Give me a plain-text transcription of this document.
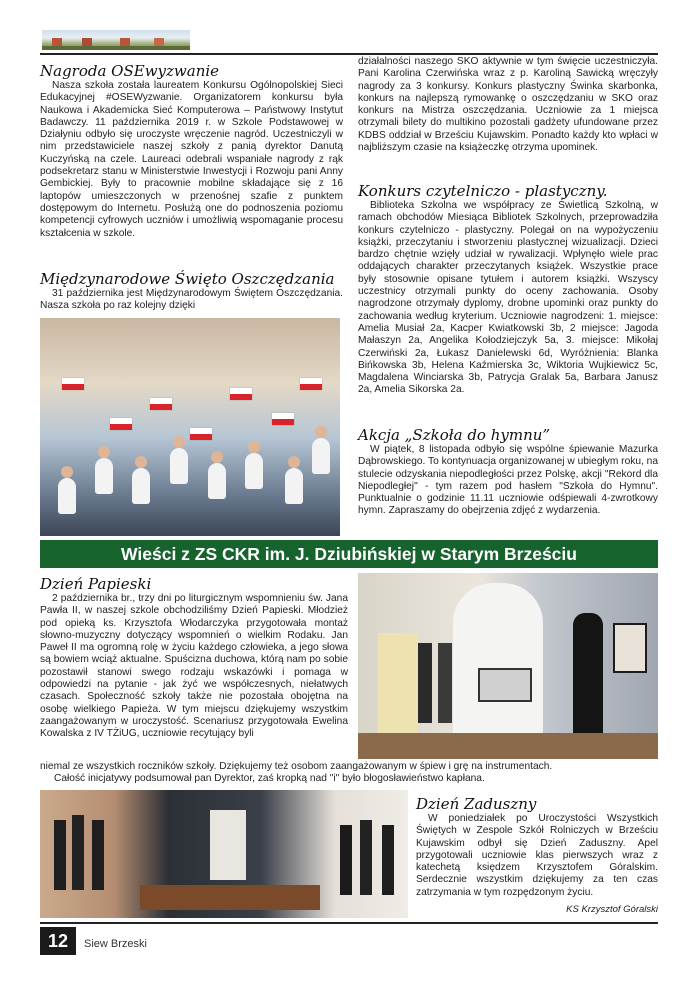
Nagroda OSEwyzwanie

Nasza szkoła została laureatem Konkursu Ogólnopolskiej Sieci Edukacyjnej #OSEWyzwanie. Organizatorem konkursu była Naukowa i Akademicka Sieć Komputerowa – Państwowy Instytut Badawczy. 11 października 2019 r. w Szkole Podstawowej w Działyniu odbyło się uroczyste wręczenie nagród. Uczestniczyli w nim przedstawiciele naszej szkoły z panią dyrektor Danutą Kuczyńską na czele. Laureaci odebrali wspaniałe nagrody z rąk podsekretarz stanu w Ministerstwie Inwestycji i Rozwoju pani Anny Gembickiej. Były to pracownie mobilne składające się z 16 laptopów umieszczonych w przenośnej szafie z punktem dostępowym do Internetu. Posłużą one do podnoszenia poziomu kompetencji cyfrowych uczniów i umożliwią wspomaganie procesu kształcenia w szkole.

Międzynarodowe Święto Oszczędzania

31 października jest Międzynarodowym Świętem Oszczędzania. Nasza szkoła po raz kolejny dzięki

działalności naszego SKO aktywnie w tym święcie uczestniczyła. Pani Karolina Czerwińska wraz z p. Karoliną Sawicką wręczyły nagrody za 3 konkursy. Konkurs plastyczny Świnka skarbonka, konkurs na najlepszą rymowankę o oszczędzaniu w SKO oraz konkurs na Mistrza oszczędzania. Uczniowie za 1 miejsca otrzymali bilety do multikino pozostali gadżety ufundowane przez KDBS oddział w Brześciu Kujawskim. Ponadto każdy kto wpłaci w najbliższym czasie na książeczkę otrzyma upominek.

Konkurs czytelniczo - plastyczny.

Biblioteka Szkolna we współpracy ze Świetlicą Szkolną, w ramach obchodów Miesiąca Bibliotek Szkolnych, przeprowadziła konkurs czytelniczo - plastyczny. Polegał on na wypożyczeniu książki, przeczytaniu i stworzeniu plastycznej wizualizacji. Dzieci bardzo chętnie wzięły udział w rywalizacji. Wpłynęło wiele prac oddających charakter przeczytanych książek. Wszystkie prace były stosownie opisane tytułem i autorem książki. Wszyscy uczestnicy otrzymali punkty do oceny zachowania. Osoby nagrodzone otrzymały dyplomy, drobne upominki oraz punkty do zachowania według kryterium. Uczniowie nagrodzeni: 1. miejsce: Amelia Musiał 2a, Kacper Kwiatkowski 3b, 2 miejsce: Jagoda Małaszyn 2a, Angelika Kołodziejczyk 5a, 3. miejsce: Mikołaj Czerwiński 2a, Łukasz Danielewski 6d, Wyróżnienia: Blanka Bińkowska 3b, Helena Kaźmierska 3c, Wiktoria Wujkiewicz 5c, Magdalena Winciarska 3b, Patrycja Gralak 5a, Barbara Janusz 2a, Amelia Sikorska 2a.

Akcja „Szkoła do hymnu”

W piątek, 8 listopada odbyło się wspólne śpiewanie Mazurka Dąbrowskiego. To kontynuacja organizowanej w ubiegłym roku, na stulecie odzyskania niepodległości przez Polskę, akcji "Rekord dla Niepodległej" - tym razem pod hasłem "Szkoła do Hymnu". Punktualnie o godzinie 11.11 uczniowie odśpiewali 4-zwrotkowy hymn. Zapraszamy do obejrzenia zdjęć z wydarzenia.

Wieści z ZS CKR im. J. Dziubińskiej w Starym Brześciu
Dzień Papieski

2 października br., trzy dni po liturgicznym wspomnieniu św. Jana Pawła II, w naszej szkole obchodziliśmy Dzień Papieski. Młodzież pod opieką ks. Krzysztofa Włodarczyka przygotowała montaż słowno-muzyczny dotyczący wspomnień o wielkim Rodaku. Jan Paweł II ma ogromną rolę w życiu każdego człowieka, a jego słowa są bowiem wciąż aktualne. Spuścizna duchowa, którą nam po sobie pozostawił stanowi swego rodzaju wskazówki i pomaga w odpowiedzi na pytanie - jak żyć we współczesnych, niełatwych czasach. Społeczność szkoły także nie pozostała obojętna na osobę wielkiego Papieża. W tym miejscu dziękujemy wszystkim zaangażowanym w uroczystość. Scenariusz przygotowała Ewelina Kowalska z IV TŻiUG, uczniowie recytujący byli

niemal ze wszystkich roczników szkoły. Dziękujemy też osobom zaangażowanym w śpiew i grę na instrumentach.
Całość inicjatywy podsumował pan Dyrektor, zaś kropką nad "i" było błogosławieństwo kapłana.
Dzień Zaduszny

W poniedziałek po Uroczystości Wszystkich Świętych w Zespole Szkół Rolniczych w Brześciu Kujawskim odbył się Dzień Zaduszny. Apel przygotowali uczniowie klas pierwszych wraz z katechetą księdzem Krzysztofem Góralskim. Serdecznie wszystkim dziękujemy za ten czas zatrzymania w tym rozpędzonym życiu.

KS Krzysztof Góralski
12	Siew Brzeski
